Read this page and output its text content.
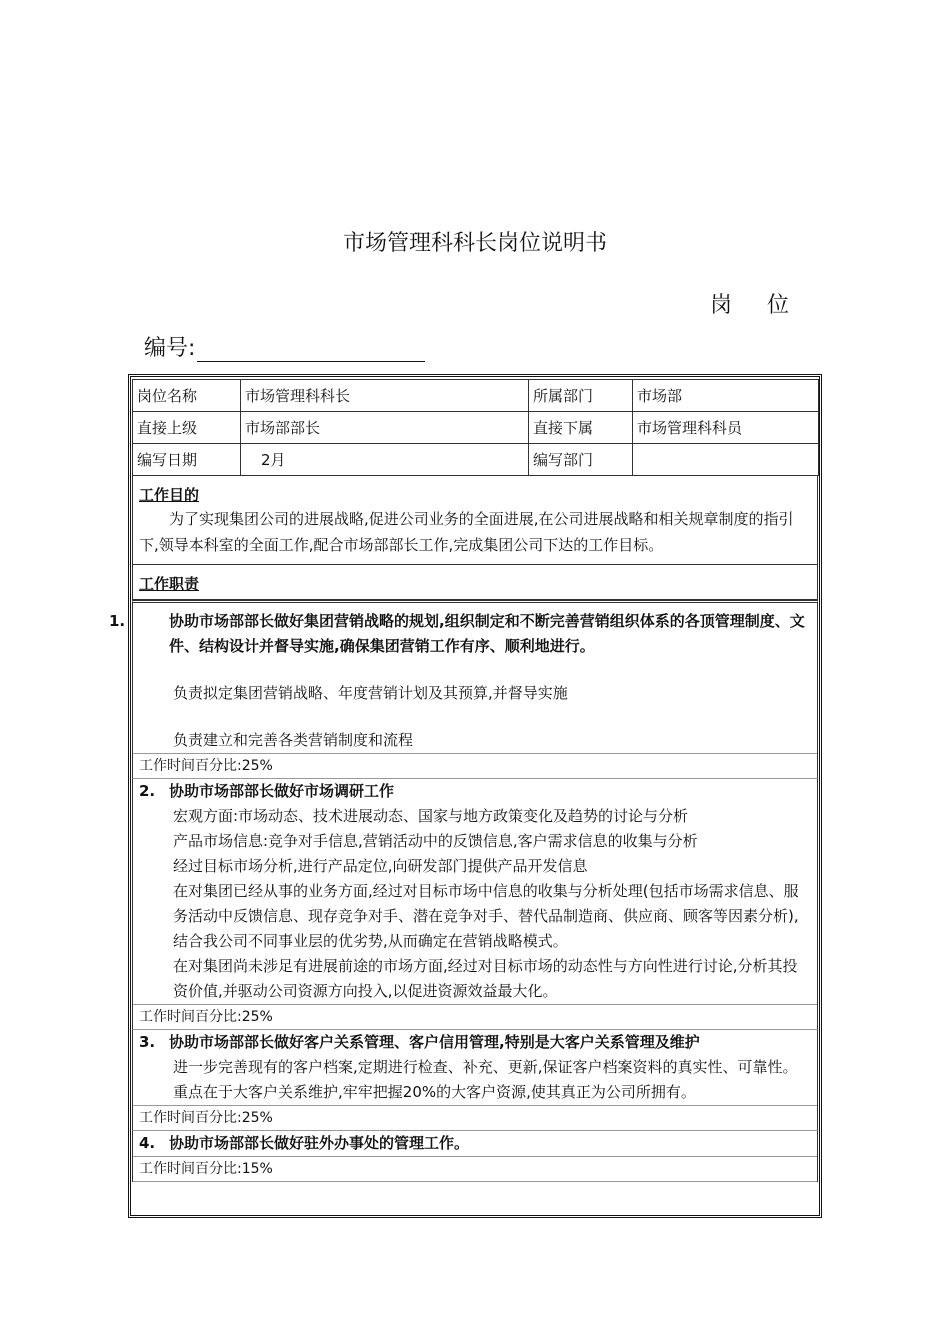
市场管理科科长岗位说明书
岗 位
编号:
岗位名称	市场管理科科长	所属部门	市场部
直接上级	市场部部长	直接下属	市场管理科科员
编写日期	2月	编写部门	
工作目的
为了实现集团公司的进展战略,促进公司业务的全面进展,在公司进展战略和相关规章制度的指引下,领导本科室的全面工作,配合市场部部长工作,完成集团公司下达的工作目标。
工作职责
1.	协助市场部部长做好集团营销战略的规划,组织制定和不断完善营销组织体系的各顶管理制度、文件、结构设计并督导实施,确保集团营销工作有序、顺利地进行。
负责拟定集团营销战略、年度营销计划及其预算,并督导实施
负责建立和完善各类营销制度和流程
工作时间百分比:25%
2. 协助市场部部长做好市场调研工作
宏观方面:市场动态、技术进展动态、国家与地方政策变化及趋势的讨论与分析
产品市场信息:竞争对手信息,营销活动中的反馈信息,客户需求信息的收集与分析
经过目标市场分析,进行产品定位,向研发部门提供产品开发信息
在对集团已经从事的业务方面,经过对目标市场中信息的收集与分析处理(包括市场需求信息、服务活动中反馈信息、现存竞争对手、潜在竞争对手、替代品制造商、供应商、顾客等因素分析),结合我公司不同事业层的优劣势,从而确定在营销战略模式。
在对集团尚未涉足有进展前途的市场方面,经过对目标市场的动态性与方向性进行讨论,分析其投资价值,并驱动公司资源方向投入,以促进资源效益最大化。
工作时间百分比:25%
3. 协助市场部部长做好客户关系管理、客户信用管理,特别是大客户关系管理及维护
进一步完善现有的客户档案,定期进行检查、补充、更新,保证客户档案资料的真实性、可靠性。
重点在于大客户关系维护,牢牢把握20%的大客户资源,使其真正为公司所拥有。
工作时间百分比:25%
4. 协助市场部部长做好驻外办事处的管理工作。
工作时间百分比:15%
